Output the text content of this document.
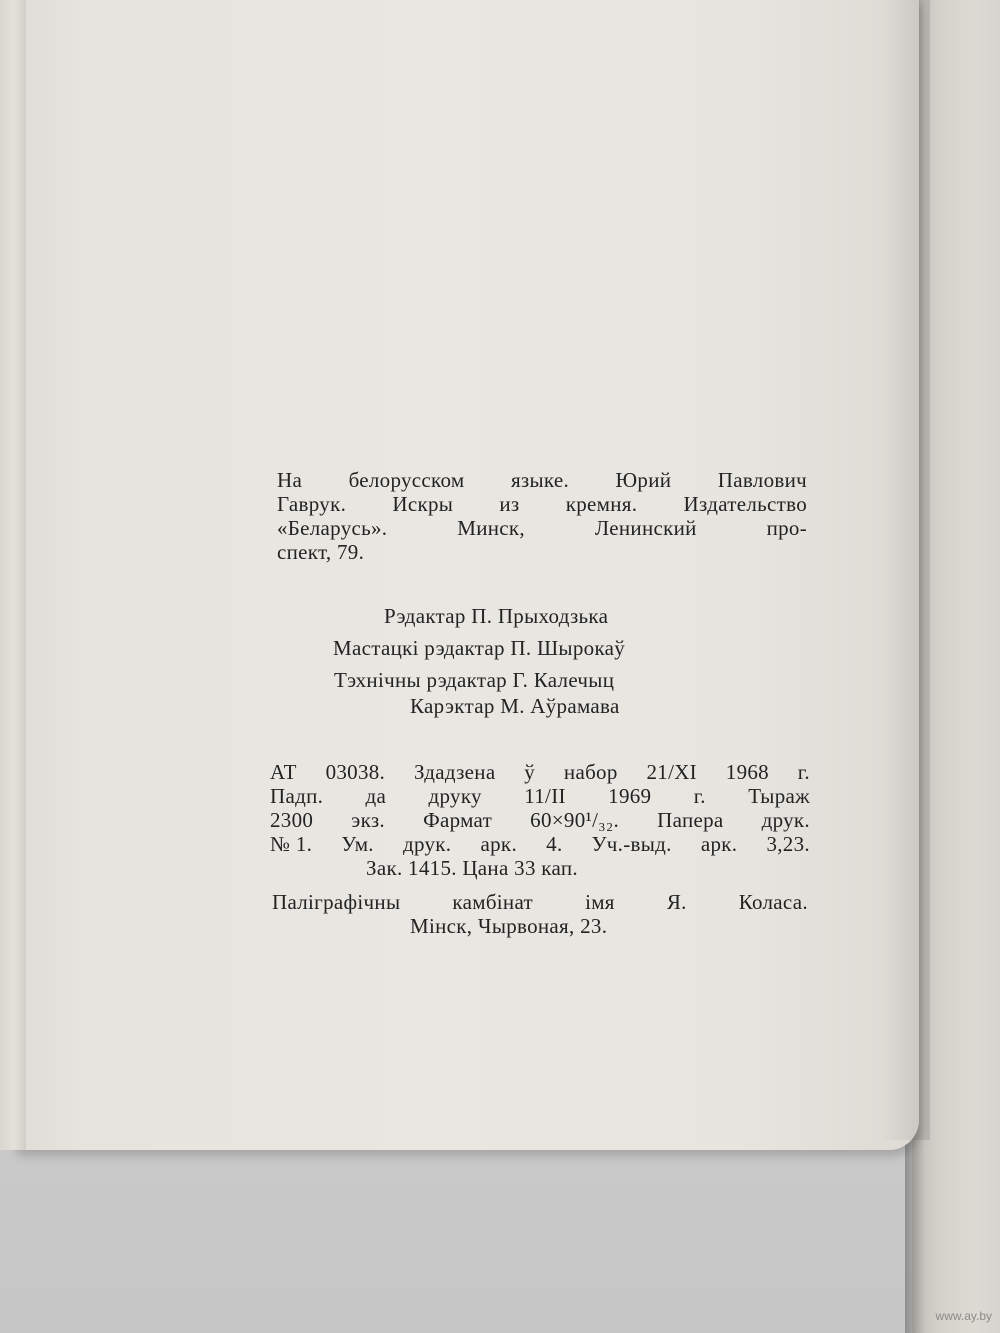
На белорусском языке. Юрий Павлович
Гаврук. Искры из кремня. Издательство
«Беларусь».	Минск,	Ленинский	про-
спект, 79.
Рэдактар П. Прыходзька
Мастацкі рэдактар П. Шырокаў
Тэхнічны рэдактар Г. Калечыц
Карэктар М. Аўрамава
АТ 03038. Здадзена ў набор 21/XI 1968 г.
Падп. да друку 11/II 1969 г. Тыраж
2300 экз. Фармат 60×90¹/₃₂. Папера друк.
№ 1. Ум. друк. арк. 4. Уч.-выд. арк. 3,23.
Зак. 1415. Цана 33 кап.
Паліграфічны камбінат імя Я. Коласа.
Мінск, Чырвоная, 23.
www.ay.by
